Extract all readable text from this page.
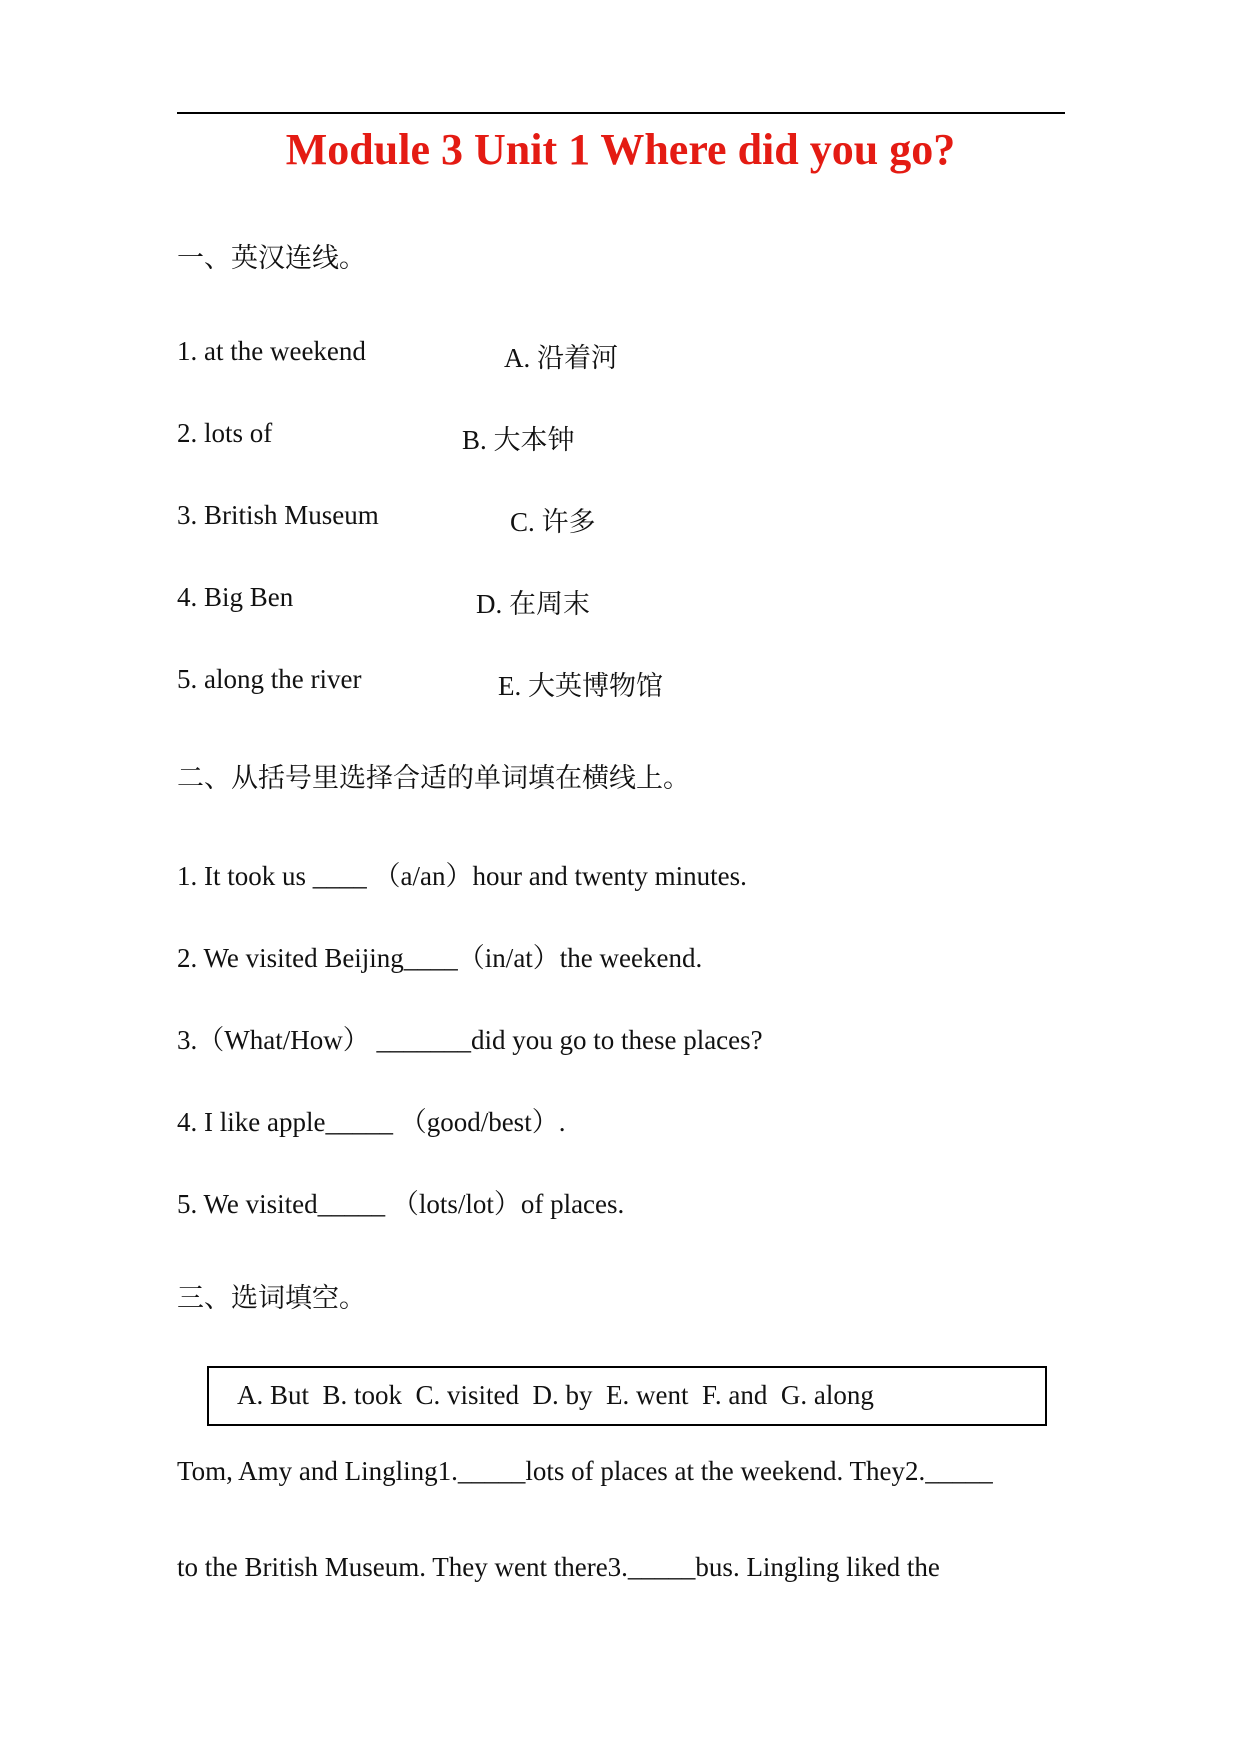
Module 3 Unit 1 Where did you go?
一、英汉连线。
1. at the weekend	A. 沿着河
2. lots of	B. 大本钟
3. British Museum	C. 许多
4. Big Ben	D. 在周末
5. along the river	E. 大英博物馆
二、从括号里选择合适的单词填在横线上。
1. It took us ____ （a/an）hour and twenty minutes.
2. We visited Beijing____（in/at）the weekend.
3.（What/How） _______did you go to these places?
4. I like apple_____ （good/best）.
5. We visited_____ （lots/lot）of places.
三、选词填空。
A. But  B. took  C. visited  D. by  E. went  F. and  G. along
Tom, Amy and Lingling1._____lots of places at the weekend. They2._____
to the British Museum. They went there3._____bus. Lingling liked the
